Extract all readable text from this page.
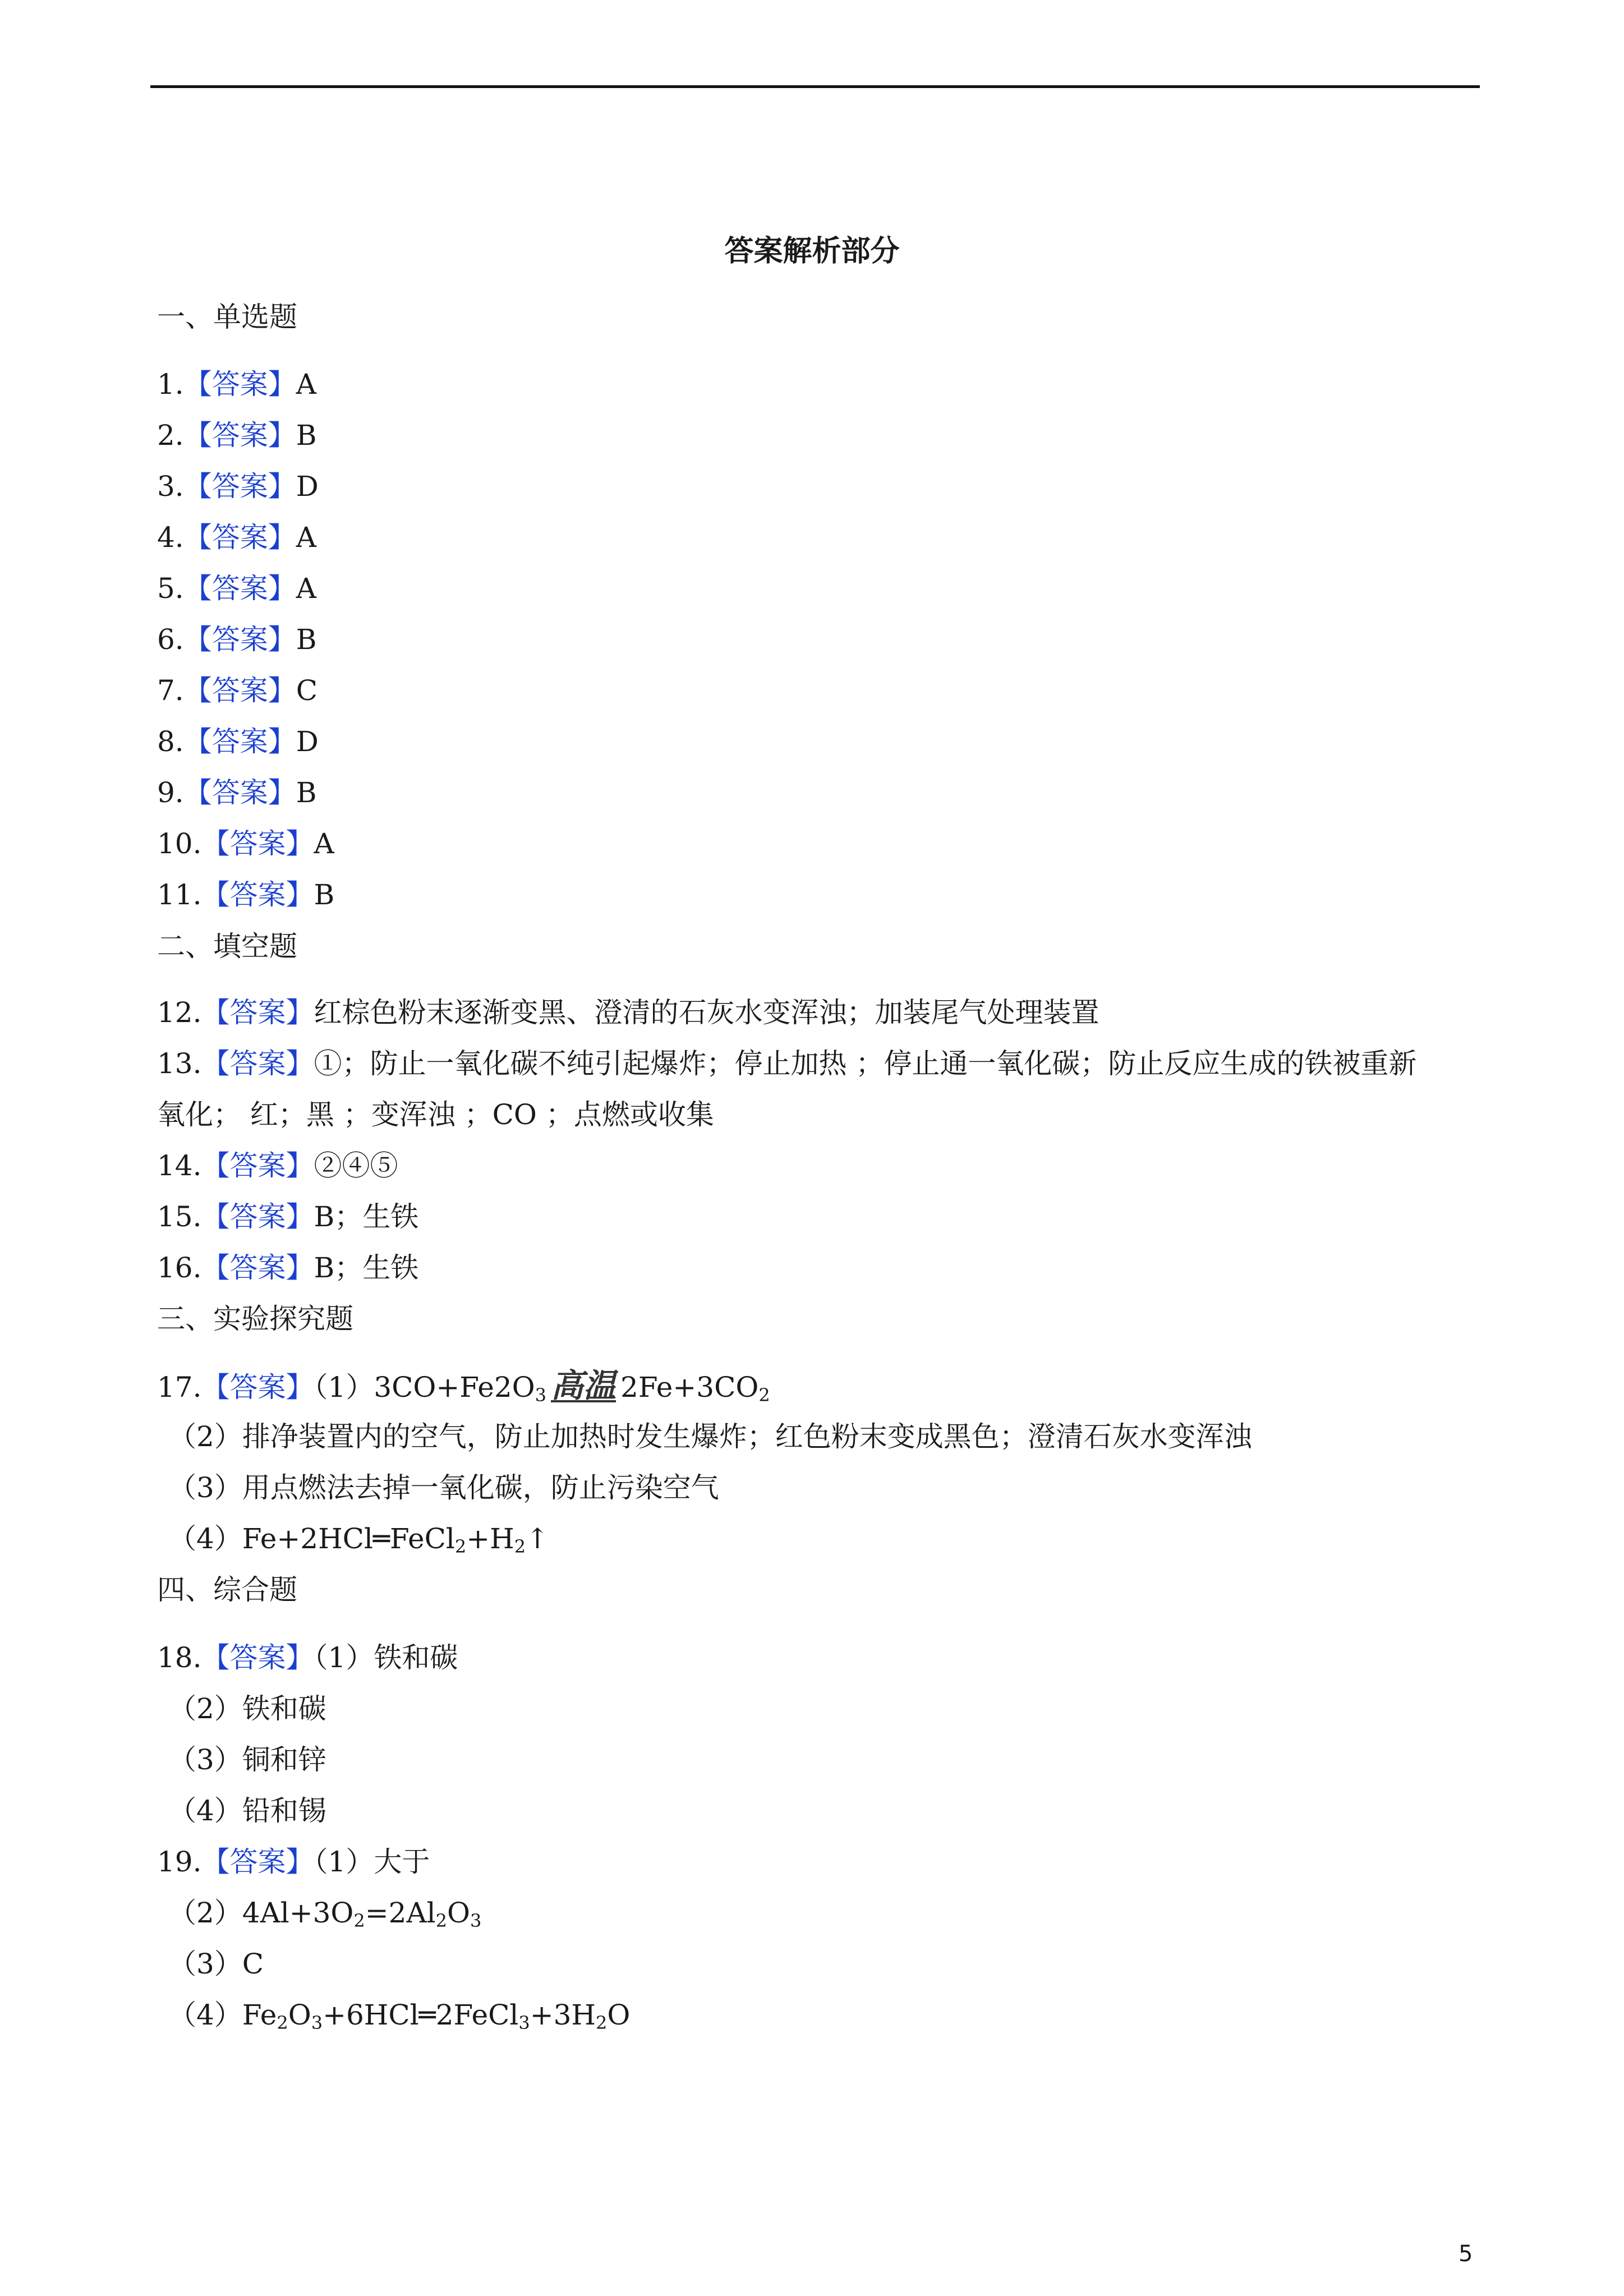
答案解析部分
一、单选题
1.【答案】A
2.【答案】B
3.【答案】D
4.【答案】A
5.【答案】A
6.【答案】B
7.【答案】C
8.【答案】D
9.【答案】B
10.【答案】A
11.【答案】B
二、填空题
12.【答案】红棕色粉末逐渐变黑、澄清的石灰水变浑浊；加装尾气处理装置
13.【答案】①；防止一氧化碳不纯引起爆炸；停止加热 ；停止通一氧化碳；防止反应生成的铁被重新
氧化； 红；黑 ；变浑浊 ；CO ；点燃或收集
14.【答案】②④⑤
15.【答案】B；生铁
16.【答案】B；生铁
三、实验探究题
17.【答案】$(1)3CO+Fe2O_3$ 高温 $2Fe+3CO_2$
（2）排净装置内的空气，防止加热时发生爆炸；红色粉末变成黑色；澄清石灰水变浑浊
（3）用点燃法去掉一氧化碳，防止污染空气
$(4)Fe+2HCl═FeCl_2+H_2↑$
四、综合题
18.【答案】（1）铁和碳
（2）铁和碳
（3）铜和锌
（4）铅和锡
19.【答案】（1）大于
$(2)4Al+3O_2=2Al_2O_3$
（3）C
$(4)Fe_2O_3+6HCl═2FeCl_3+3H_2O$
5
